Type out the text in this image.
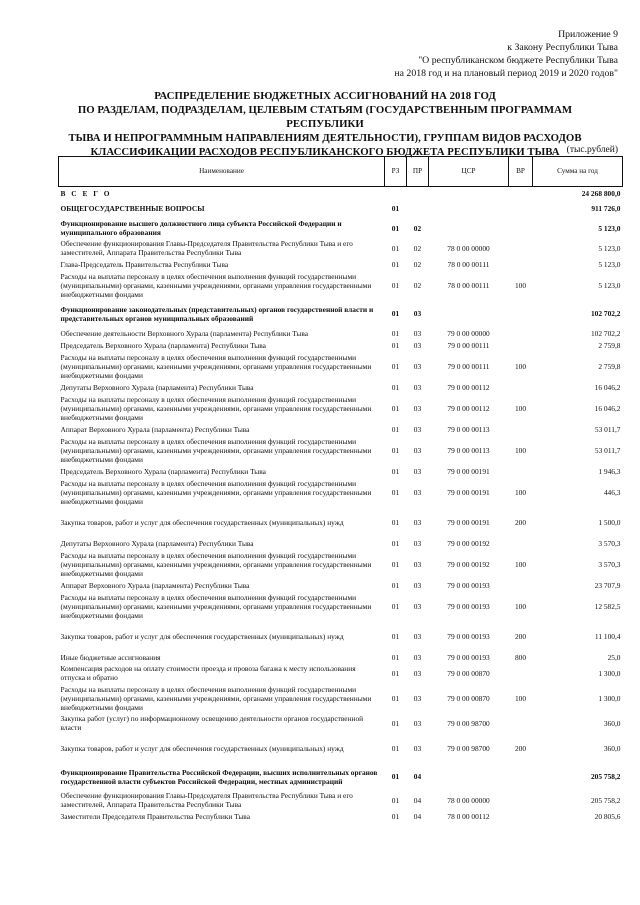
Приложение 9
к Закону Республики Тыва
"О республиканском бюджете Республики Тыва
на 2018 год и на плановый период 2019 и 2020 годов"
РАСПРЕДЕЛЕНИЕ БЮДЖЕТНЫХ АССИГНОВАНИЙ НА 2018 ГОД
ПО РАЗДЕЛАМ, ПОДРАЗДЕЛАМ, ЦЕЛЕВЫМ СТАТЬЯМ (ГОСУДАРСТВЕННЫМ ПРОГРАММАМ РЕСПУБЛИКИ
ТЫВА И НЕПРОГРАММНЫМ НАПРАВЛЕНИЯМ ДЕЯТЕЛЬНОСТИ), ГРУППАМ ВИДОВ РАСХОДОВ
КЛАССИФИКАЦИИ РАСХОДОВ РЕСПУБЛИКАНСКОГО БЮДЖЕТА РЕСПУБЛИКИ ТЫВА (тыс.рублей)
Наименование	РЗ	ПР	ЦСР	ВР	Сумма на год
В С Е Г О					24 268 800,0
ОБЩЕГОСУДАРСТВЕННЫЕ ВОПРОСЫ	01				911 726,0
Функционирование высшего должностного лица субъекта Российской Федерации и муниципального образования	01	02			5 123,0
Обеспечение функционирования Главы-Председателя Правительства Республики Тыва и его заместителей, Аппарата Правительства Республики Тыва	01	02	78 0 00 00000		5 123,0
Глава-Председатель Правительства Республики Тыва	01	02	78 0 00 00111		5 123,0
Расходы на выплаты персоналу в целях обеспечения выполнения функций государственными (муниципальными) органами, казенными учреждениями, органами управления государственными внебюджетными фондами	01	02	78 0 00 00111	100	5 123,0
Функционирование законодательных (представительных) органов государственной власти и представительных органов муниципальных образований	01	03			102 702,2
Обеспечение деятельности Верховного Хурала (парламента) Республики Тыва	01	03	79 0 00 00000		102 702,2
Председатель Верховного Хурала (парламента) Республики Тыва	01	03	79 0 00 00111		2 759,8
Расходы на выплаты персоналу в целях обеспечения выполнения функций государственными (муниципальными) органами, казенными учреждениями, органами управления государственными внебюджетными фондами	01	03	79 0 00 00111	100	2 759,8
Депутаты Верховного Хурала (парламента) Республики Тыва	01	03	79 0 00 00112		16 046,2
Расходы на выплаты персоналу в целях обеспечения выполнения функций государственными (муниципальными) органами, казенными учреждениями, органами управления государственными внебюджетными фондами	01	03	79 0 00 00112	100	16 046,2
Аппарат Верховного Хурала (парламента) Республики Тыва	01	03	79 0 00 00113		53 011,7
Расходы на выплаты персоналу в целях обеспечения выполнения функций государственными (муниципальными) органами, казенными учреждениями, органами управления государственными внебюджетными фондами	01	03	79 0 00 00113	100	53 011,7
Председатель Верховного Хурала (парламента) Республики Тыва	01	03	79 0 00 00191		1 946,3
Расходы на выплаты персоналу в целях обеспечения выполнения функций государственными (муниципальными) органами, казенными учреждениями, органами управления государственными внебюджетными фондами	01	03	79 0 00 00191	100	446,3
Закупка товаров, работ и услуг для обеспечения государственных (муниципальных) нужд	01	03	79 0 00 00191	200	1 500,0
Депутаты Верховного Хурала (парламента) Республики Тыва	01	03	79 0 00 00192		3 570,3
Расходы на выплаты персоналу в целях обеспечения выполнения функций государственными (муниципальными) органами, казенными учреждениями, органами управления государственными внебюджетными фондами	01	03	79 0 00 00192	100	3 570,3
Аппарат Верховного Хурала (парламента) Республики Тыва	01	03	79 0 00 00193		23 707,9
Расходы на выплаты персоналу в целях обеспечения выполнения функций государственными (муниципальными) органами, казенными учреждениями, органами управления государственными внебюджетными фондами	01	03	79 0 00 00193	100	12 582,5
Закупка товаров, работ и услуг для обеспечения государственных (муниципальных) нужд	01	03	79 0 00 00193	200	11 100,4
Иные бюджетные ассигнования	01	03	79 0 00 00193	800	25,0
Компенсация расходов на оплату стоимости проезда и провоза багажа к месту использования отпуска и обратно	01	03	79 0 00 00870		1 300,0
Расходы на выплаты персоналу в целях обеспечения выполнения функций государственными (муниципальными) органами, казенными учреждениями, органами управления государственными внебюджетными фондами	01	03	79 0 00 00870	100	1 300,0
Закупка работ (услуг) по информационному освещению деятельности органов государственной власти	01	03	79 0 00 98700		360,0
Закупка товаров, работ и услуг для обеспечения государственных (муниципальных) нужд	01	03	79 0 00 98700	200	360,0
Функционирование Правительства Российской Федерации, высших исполнительных органов государственной власти субъектов Российской Федерации, местных администраций	01	04			205 758,2
Обеспечение функционирования Главы-Председателя Правительства Республики Тыва и его заместителей, Аппарата Правительства Республики Тыва	01	04	78 0 00 00000		205 758,2
Заместители Председателя Правительства Республики Тыва	01	04	78 0 00 00112		20 805,6
